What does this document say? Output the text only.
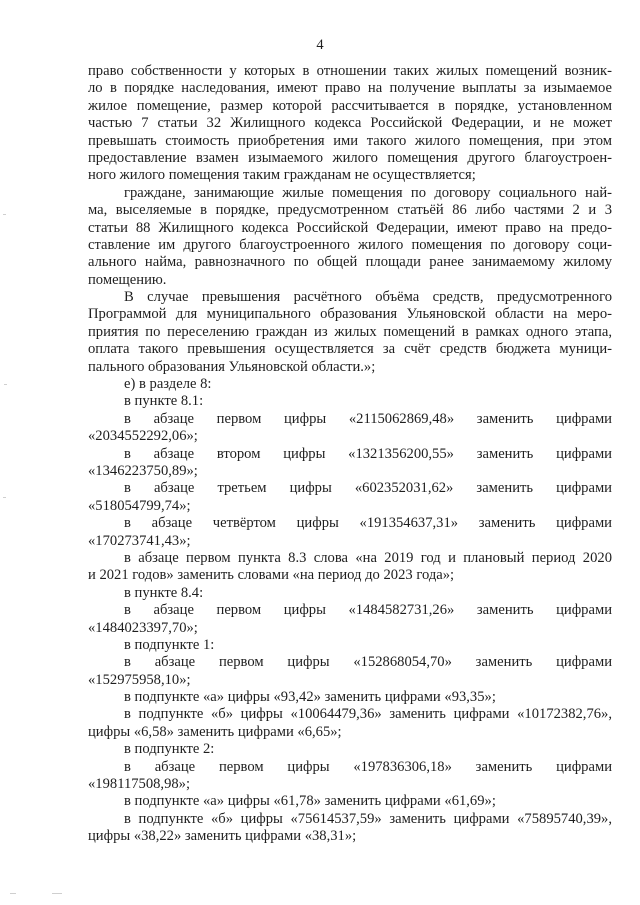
4
право собственности у которых в отношении таких жилых помещений возник-
ло в порядке наследования, имеют право на получение выплаты за изымаемое
жилое помещение, размер которой рассчитывается в порядке, установленном
частью 7 статьи 32 Жилищного кодекса Российской Федерации, и не может
превышать стоимость приобретения ими такого жилого помещения, при этом
предоставление взамен изымаемого жилого помещения другого благоустроен-
ного жилого помещения таким гражданам не осуществляется;
граждане, занимающие жилые помещения по договору социального най-
ма, выселяемые в порядке, предусмотренном статьёй 86 либо частями 2 и 3
статьи 88 Жилищного кодекса Российской Федерации, имеют право на предо-
ставление им другого благоустроенного жилого помещения по договору соци-
ального найма, равнозначного по общей площади ранее занимаемому жилому
помещению.
В случае превышения расчётного объёма средств, предусмотренного
Программой для муниципального образования Ульяновской области на меро-
приятия по переселению граждан из жилых помещений в рамках одного этапа,
оплата такого превышения осуществляется за счёт средств бюджета муници-
пального образования Ульяновской области.»;
е) в разделе 8:
в пункте 8.1:
в абзаце первом цифры «2115062869,48» заменить цифрами
«2034552292,06»;
в абзаце втором цифры «1321356200,55» заменить цифрами
«1346223750,89»;
в абзаце третьем цифры «602352031,62» заменить цифрами
«518054799,74»;
в абзаце четвёртом цифры «191354637,31» заменить цифрами
«170273741,43»;
в абзаце первом пункта 8.3 слова «на 2019 год и плановый период 2020
и 2021 годов» заменить словами «на период до 2023 года»;
в пункте 8.4:
в абзаце первом цифры «1484582731,26» заменить цифрами
«1484023397,70»;
в подпункте 1:
в абзаце первом цифры «152868054,70» заменить цифрами
«152975958,10»;
в подпункте «а» цифры «93,42» заменить цифрами «93,35»;
в подпункте «б» цифры «10064479,36» заменить цифрами «10172382,76»,
цифры «6,58» заменить цифрами «6,65»;
в подпункте 2:
в абзаце первом цифры «197836306,18» заменить цифрами
«198117508,98»;
в подпункте «а» цифры «61,78» заменить цифрами «61,69»;
в подпункте «б» цифры «75614537,59» заменить цифрами «75895740,39»,
цифры «38,22» заменить цифрами «38,31»;
